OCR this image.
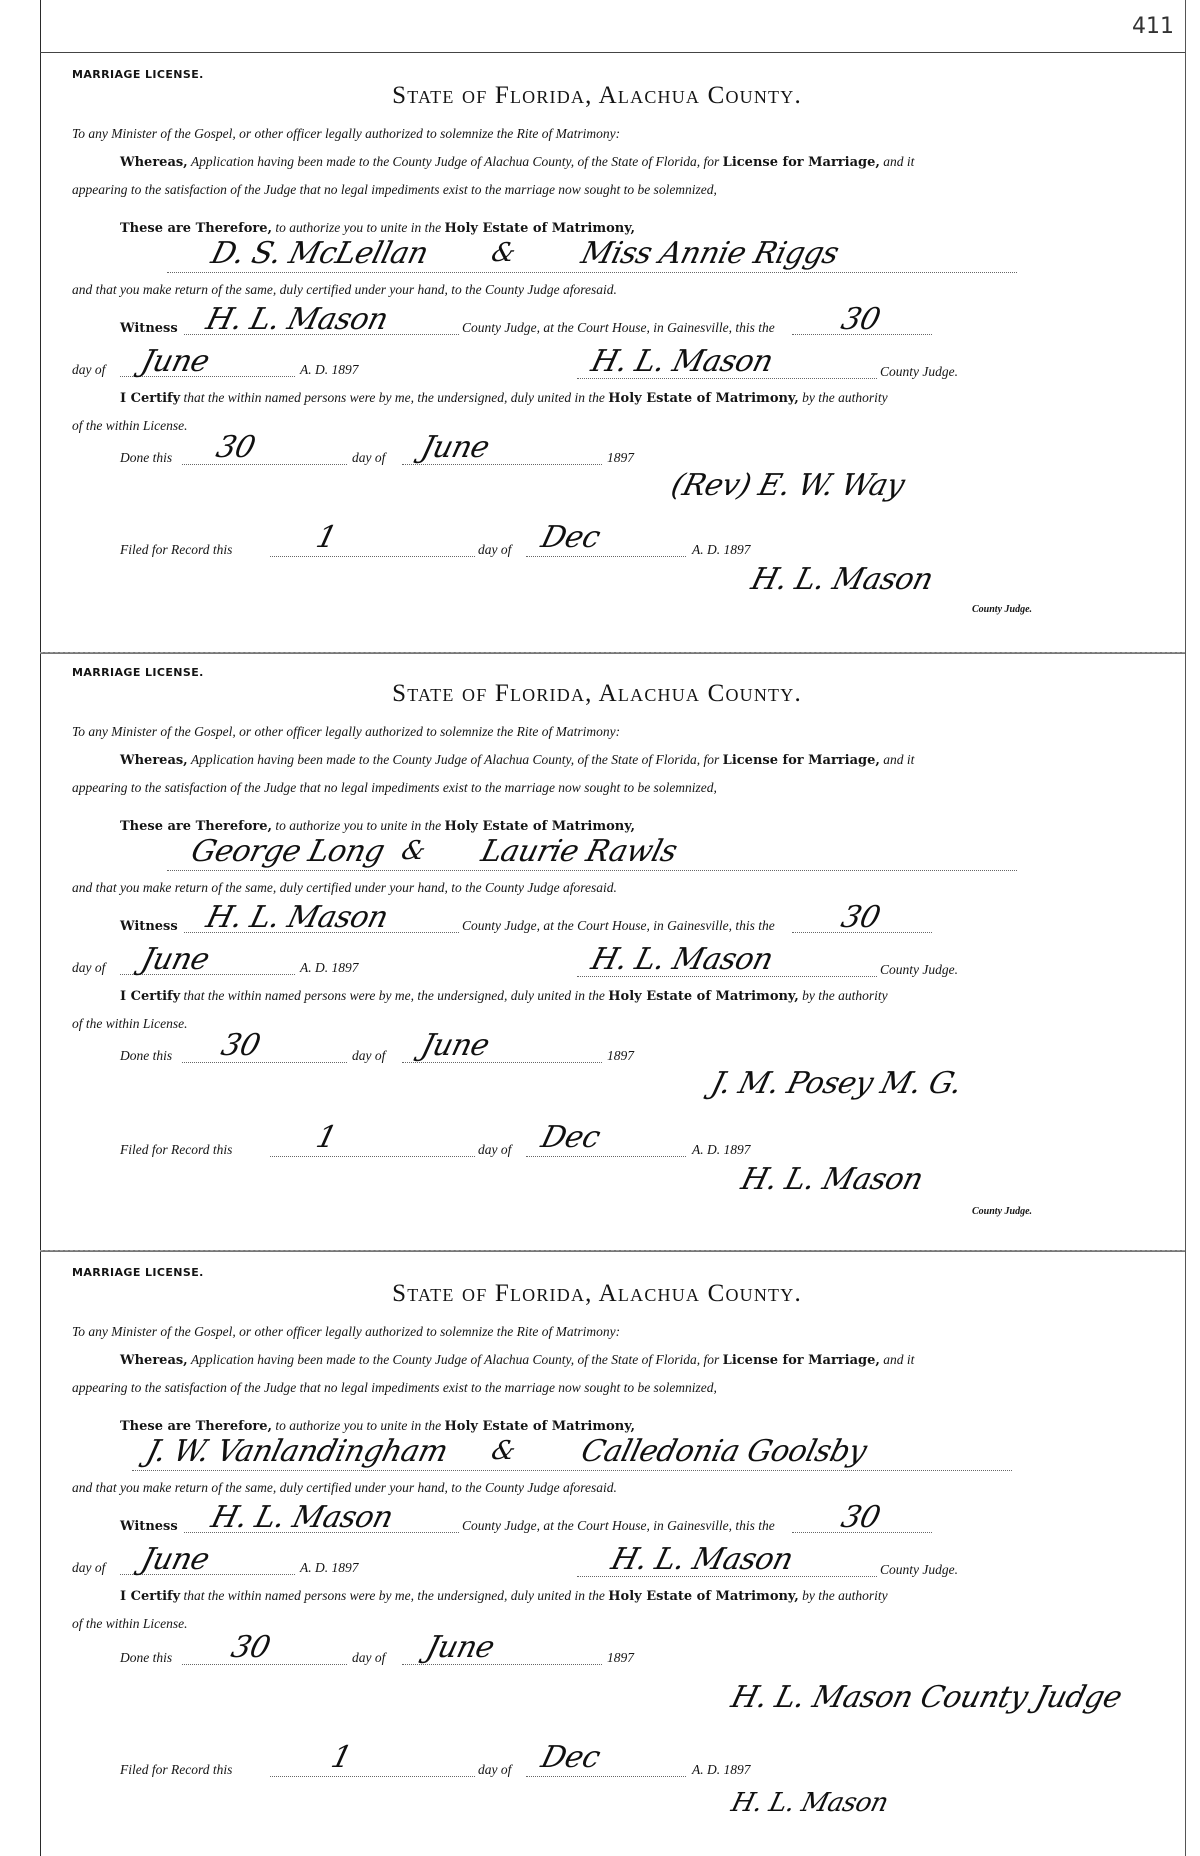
411
MARRIAGE LICENSE.
State of Florida, Alachua County.
To any Minister of the Gospel, or other officer legally authorized to solemnize the Rite of Matrimony:
Whereas, Application having been made to the County Judge of Alachua County, of the State of Florida, for License for Marriage, and it
appearing to the satisfaction of the Judge that no legal impediments exist to the marriage now sought to be solemnized,
These are Therefore, to authorize you to unite in the Holy Estate of Matrimony,
D. S. McLellan & Miss Annie Riggs
and that you make return of the same, duly certified under your hand, to the County Judge aforesaid.
Witness H. L. Mason	County Judge, at the Court House, in Gainesville, this the 30
day of June	A. D. 1897	H. L. Mason	County Judge.
I Certify that the within named persons were by me, the undersigned, duly united in the Holy Estate of Matrimony, by the authority
of the within License.
Done this 30	day of June	1897
(Rev) E. W. Way
Filed for Record this	1	day of Dec	A. D. 1897
H. L. Mason
County Judge.
MARRIAGE LICENSE.
State of Florida, Alachua County.
To any Minister of the Gospel, or other officer legally authorized to solemnize the Rite of Matrimony:
Whereas, Application having been made to the County Judge of Alachua County, of the State of Florida, for License for Marriage, and it
appearing to the satisfaction of the Judge that no legal impediments exist to the marriage now sought to be solemnized,
These are Therefore, to authorize you to unite in the Holy Estate of Matrimony,
George Long & Laurie Rawls
and that you make return of the same, duly certified under your hand, to the County Judge aforesaid.
Witness H. L. Mason	County Judge, at the Court House, in Gainesville, this the 30
day of June	A. D. 1897	H. L. Mason	County Judge.
I Certify that the within named persons were by me, the undersigned, duly united in the Holy Estate of Matrimony, by the authority
of the within License.
Done this 30	day of June	1897
J. M. Posey M. G.
Filed for Record this	1	day of Dec	A. D. 1897
H. L. Mason
County Judge.
MARRIAGE LICENSE.
State of Florida, Alachua County.
To any Minister of the Gospel, or other officer legally authorized to solemnize the Rite of Matrimony:
Whereas, Application having been made to the County Judge of Alachua County, of the State of Florida, for License for Marriage, and it
appearing to the satisfaction of the Judge that no legal impediments exist to the marriage now sought to be solemnized,
These are Therefore, to authorize you to unite in the Holy Estate of Matrimony,
J. W. Vanlandingham & Calledonia Goolsby
and that you make return of the same, duly certified under your hand, to the County Judge aforesaid.
Witness H. L. Mason	County Judge, at the Court House, in Gainesville, this the 30
day of June	A. D. 1897	H. L. Mason	County Judge.
I Certify that the within named persons were by me, the undersigned, duly united in the Holy Estate of Matrimony, by the authority
of the within License.
Done this 30	day of June	1897
H. L. Mason County Judge
Filed for Record this	1	day of Dec	A. D. 1897
H. L. Mason
